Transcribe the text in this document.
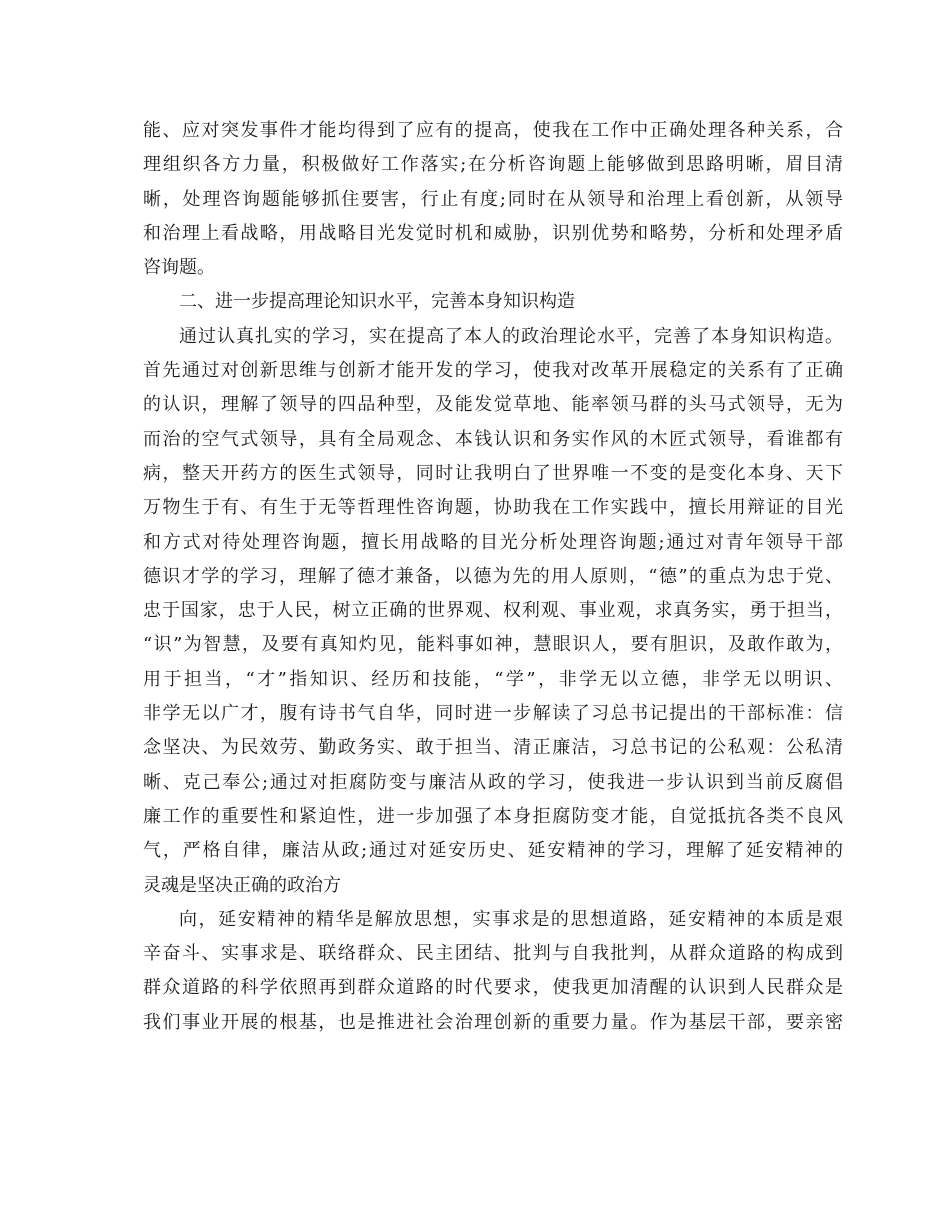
能、应对突发事件才能均得到了应有的提高，使我在工作中正确处理各种关系，合
理组织各方力量，积极做好工作落实;在分析咨询题上能够做到思路明晰，眉目清
晰，处理咨询题能够抓住要害，行止有度;同时在从领导和治理上看创新，从领导
和治理上看战略，用战略目光发觉时机和威胁，识别优势和略势，分析和处理矛盾
咨询题。
二、进一步提高理论知识水平，完善本身知识构造
通过认真扎实的学习，实在提高了本人的政治理论水平，完善了本身知识构造。
首先通过对创新思维与创新才能开发的学习，使我对改革开展稳定的关系有了正确
的认识，理解了领导的四品种型，及能发觉草地、能率领马群的头马式领导，无为
而治的空气式领导，具有全局观念、本钱认识和务实作风的木匠式领导，看谁都有
病，整天开药方的医生式领导，同时让我明白了世界唯一不变的是变化本身、天下
万物生于有、有生于无等哲理性咨询题，协助我在工作实践中，擅长用辩证的目光
和方式对待处理咨询题，擅长用战略的目光分析处理咨询题;通过对青年领导干部
德识才学的学习，理解了德才兼备，以德为先的用人原则，“德”的重点为忠于党、
忠于国家，忠于人民，树立正确的世界观、权利观、事业观，求真务实，勇于担当，
“识”为智慧，及要有真知灼见，能料事如神，慧眼识人，要有胆识，及敢作敢为，
用于担当，“才”指知识、经历和技能，“学”，非学无以立德，非学无以明识、
非学无以广才，腹有诗书气自华，同时进一步解读了习总书记提出的干部标准：信
念坚决、为民效劳、勤政务实、敢于担当、清正廉洁，习总书记的公私观：公私清
晰、克己奉公;通过对拒腐防变与廉洁从政的学习，使我进一步认识到当前反腐倡
廉工作的重要性和紧迫性，进一步加强了本身拒腐防变才能，自觉抵抗各类不良风
气，严格自律，廉洁从政;通过对延安历史、延安精神的学习，理解了延安精神的
灵魂是坚决正确的政治方
向，延安精神的精华是解放思想，实事求是的思想道路，延安精神的本质是艰
辛奋斗、实事求是、联络群众、民主团结、批判与自我批判，从群众道路的构成到
群众道路的科学依照再到群众道路的时代要求，使我更加清醒的认识到人民群众是
我们事业开展的根基，也是推进社会治理创新的重要力量。作为基层干部，要亲密
